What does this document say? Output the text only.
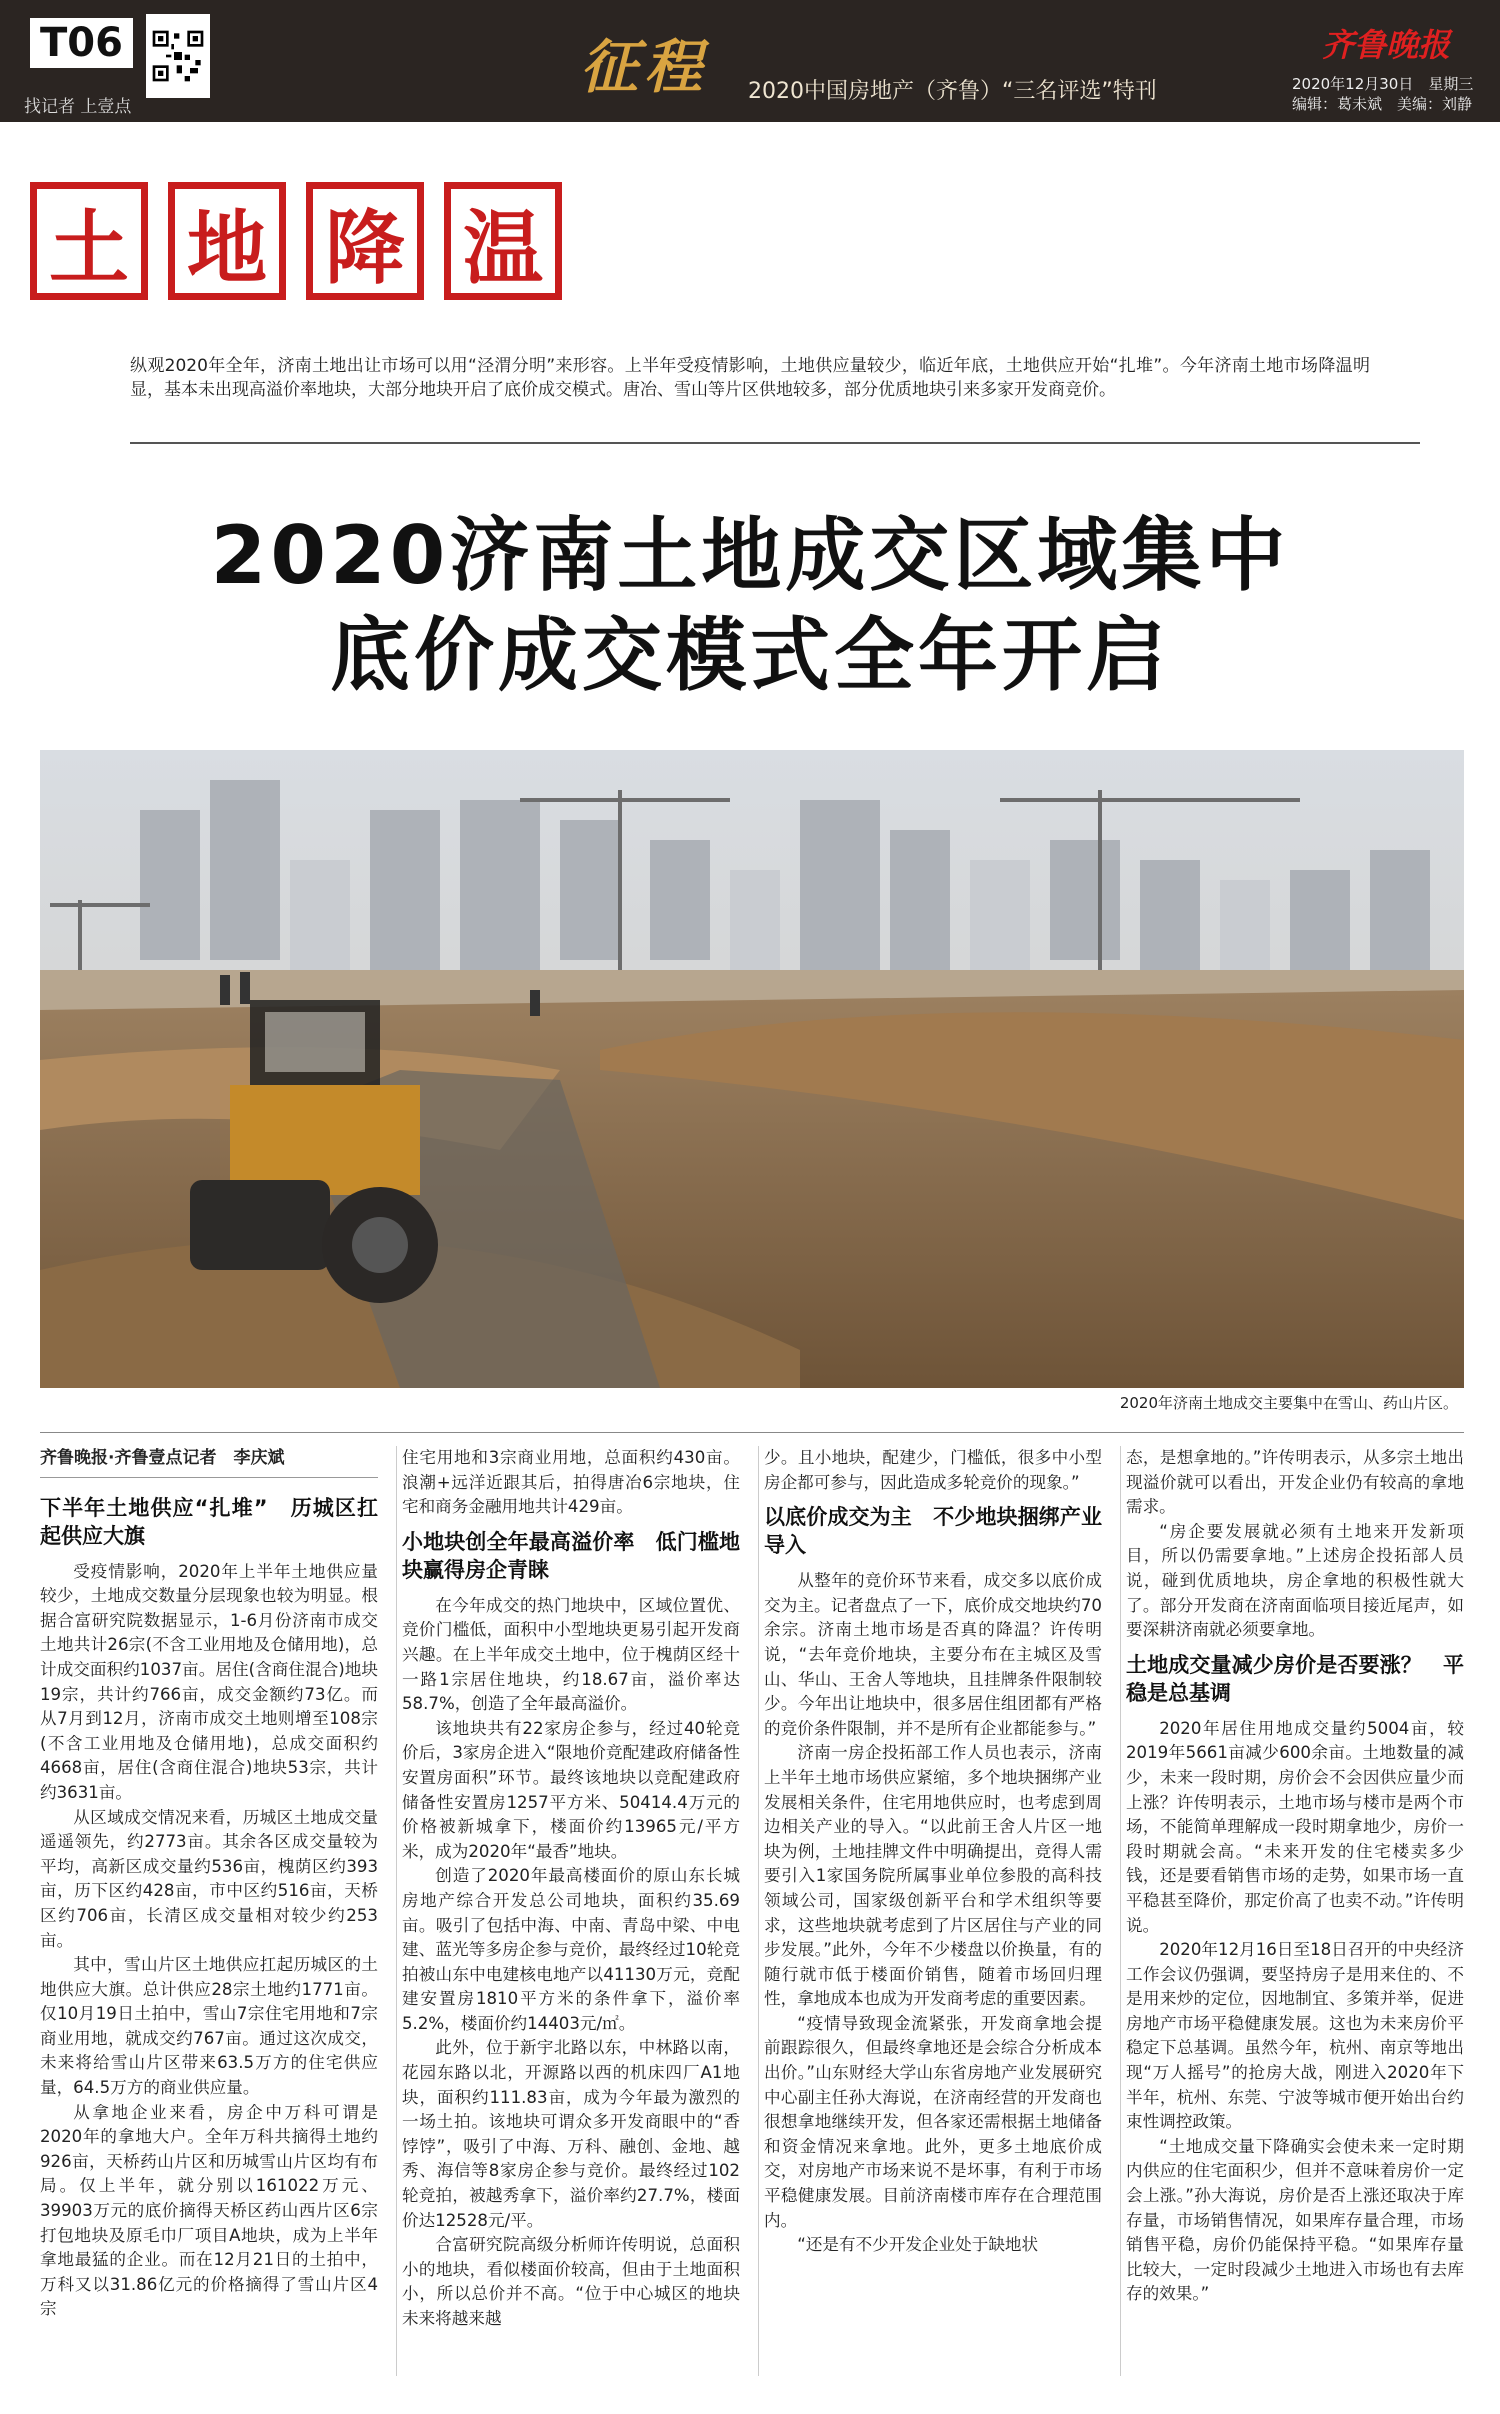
T06
找记者 上壹点
征程 2020中国房地产（齐鲁）“三名评选”特刊
齐鲁晚报
2020年12月30日　星期三
编辑：葛未斌　美编：刘静
土 地 降 温
纵观2020年全年，济南土地出让市场可以用“泾渭分明”来形容。上半年受疫情影响，土地供应量较少，临近年底，土地供应开始“扎堆”。今年济南土地市场降温明显，基本未出现高溢价率地块，大部分地块开启了底价成交模式。唐冶、雪山等片区供地较多，部分优质地块引来多家开发商竞价。
2020济南土地成交区域集中
底价成交模式全年开启
2020年济南土地成交主要集中在雪山、药山片区。
齐鲁晚报·齐鲁壹点记者　李庆斌
下半年土地供应“扎堆”　历城区扛起供应大旗

受疫情影响，2020年上半年土地供应量较少，土地成交数量分层现象也较为明显。根据合富研究院数据显示，1-6月份济南市成交土地共计26宗(不含工业用地及仓储用地)，总计成交面积约1037亩。居住(含商住混合)地块19宗，共计约766亩，成交金额约73亿。而从7月到12月，济南市成交土地则增至108宗(不含工业用地及仓储用地)，总成交面积约4668亩，居住(含商住混合)地块53宗，共计约3631亩。

从区域成交情况来看，历城区土地成交量遥遥领先，约2773亩。其余各区成交量较为平均，高新区成交量约536亩，槐荫区约393亩，历下区约428亩，市中区约516亩，天桥区约706亩，长清区成交量相对较少约253亩。

其中，雪山片区土地供应扛起历城区的土地供应大旗。总计供应28宗土地约1771亩。仅10月19日土拍中，雪山7宗住宅用地和7宗商业用地，就成交约767亩。通过这次成交，未来将给雪山片区带来63.5万方的住宅供应量，64.5万方的商业供应量。

从拿地企业来看，房企中万科可谓是2020年的拿地大户。全年万科共摘得土地约926亩，天桥药山片区和历城雪山片区均有布局。仅上半年，就分别以161022万元、39903万元的底价摘得天桥区药山西片区6宗打包地块及原毛巾厂项目A地块，成为上半年拿地最猛的企业。而在12月21日的土拍中，万科又以31.86亿元的价格摘得了雪山片区4宗

住宅用地和3宗商业用地，总面积约430亩。浪潮+远洋近跟其后，拍得唐冶6宗地块，住宅和商务金融用地共计429亩。

小地块创全年最高溢价率　低门槛地块赢得房企青睐

在今年成交的热门地块中，区域位置优、竞价门槛低，面积中小型地块更易引起开发商兴趣。在上半年成交土地中，位于槐荫区经十一路1宗居住地块，约18.67亩，溢价率达58.7%，创造了全年最高溢价。

该地块共有22家房企参与，经过40轮竞价后，3家房企进入“限地价竞配建政府储备性安置房面积”环节。最终该地块以竞配建政府储备性安置房1257平方米、50414.4万元的价格被新城拿下，楼面价约13965元/平方米，成为2020年“最香”地块。

创造了2020年最高楼面价的原山东长城房地产综合开发总公司地块，面积约35.69亩。吸引了包括中海、中南、青岛中梁、中电建、蓝光等多房企参与竞价，最终经过10轮竞拍被山东中电建核电地产以41130万元，竞配建安置房1810平方米的条件拿下，溢价率5.2%，楼面价约14403元/㎡。

此外，位于新宇北路以东，中林路以南，花园东路以北，开源路以西的机床四厂A1地块，面积约111.83亩，成为今年最为激烈的一场土拍。该地块可谓众多开发商眼中的“香饽饽”，吸引了中海、万科、融创、金地、越秀、海信等8家房企参与竞价。最终经过102轮竞拍，被越秀拿下，溢价率约27.7%，楼面价达12528元/平。

合富研究院高级分析师许传明说，总面积小的地块，看似楼面价较高，但由于土地面积小，所以总价并不高。“位于中心城区的地块未来将越来越

少。且小地块，配建少，门槛低，很多中小型房企都可参与，因此造成多轮竞价的现象。”

以底价成交为主　不少地块捆绑产业导入

从整年的竞价环节来看，成交多以底价成交为主。记者盘点了一下，底价成交地块约70余宗。济南土地市场是否真的降温？许传明说，“去年竞价地块，主要分布在主城区及雪山、华山、王舍人等地块，且挂牌条件限制较少。今年出让地块中，很多居住组团都有严格的竞价条件限制，并不是所有企业都能参与。”

济南一房企投拓部工作人员也表示，济南上半年土地市场供应紧缩，多个地块捆绑产业发展相关条件，住宅用地供应时，也考虑到周边相关产业的导入。“以此前王舍人片区一地块为例，土地挂牌文件中明确提出，竞得人需要引入1家国务院所属事业单位参股的高科技领域公司，国家级创新平台和学术组织等要求，这些地块就考虑到了片区居住与产业的同步发展。”此外，今年不少楼盘以价换量，有的随行就市低于楼面价销售，随着市场回归理性，拿地成本也成为开发商考虑的重要因素。

“疫情导致现金流紧张，开发商拿地会提前跟踪很久，但最终拿地还是会综合分析成本出价。”山东财经大学山东省房地产业发展研究中心副主任孙大海说，在济南经营的开发商也很想拿地继续开发，但各家还需根据土地储备和资金情况来拿地。此外，更多土地底价成交，对房地产市场来说不是坏事，有利于市场平稳健康发展。目前济南楼市库存在合理范围内。

“还是有不少开发企业处于缺地状

态，是想拿地的。”许传明表示，从多宗土地出现溢价就可以看出，开发企业仍有较高的拿地需求。

“房企要发展就必须有土地来开发新项目，所以仍需要拿地。”上述房企投拓部人员说，碰到优质地块，房企拿地的积极性就大了。部分开发商在济南面临项目接近尾声，如要深耕济南就必须要拿地。

土地成交量减少房价是否要涨？　平稳是总基调

2020年居住用地成交量约5004亩，较2019年5661亩减少600余亩。土地数量的减少，未来一段时期，房价会不会因供应量少而上涨？许传明表示，土地市场与楼市是两个市场，不能简单理解成一段时期拿地少，房价一段时期就会高。“未来开发的住宅楼卖多少钱，还是要看销售市场的走势，如果市场一直平稳甚至降价，那定价高了也卖不动。”许传明说。

2020年12月16日至18日召开的中央经济工作会议仍强调，要坚持房子是用来住的、不是用来炒的定位，因地制宜、多策并举，促进房地产市场平稳健康发展。这也为未来房价平稳定下总基调。虽然今年，杭州、南京等地出现“万人摇号”的抢房大战，刚进入2020年下半年，杭州、东莞、宁波等城市便开始出台约束性调控政策。

“土地成交量下降确实会使未来一定时期内供应的住宅面积少，但并不意味着房价一定会上涨。”孙大海说，房价是否上涨还取决于库存量，市场销售情况，如果库存量合理，市场销售平稳，房价仍能保持平稳。“如果库存量比较大，一定时段减少土地进入市场也有去库存的效果。”
